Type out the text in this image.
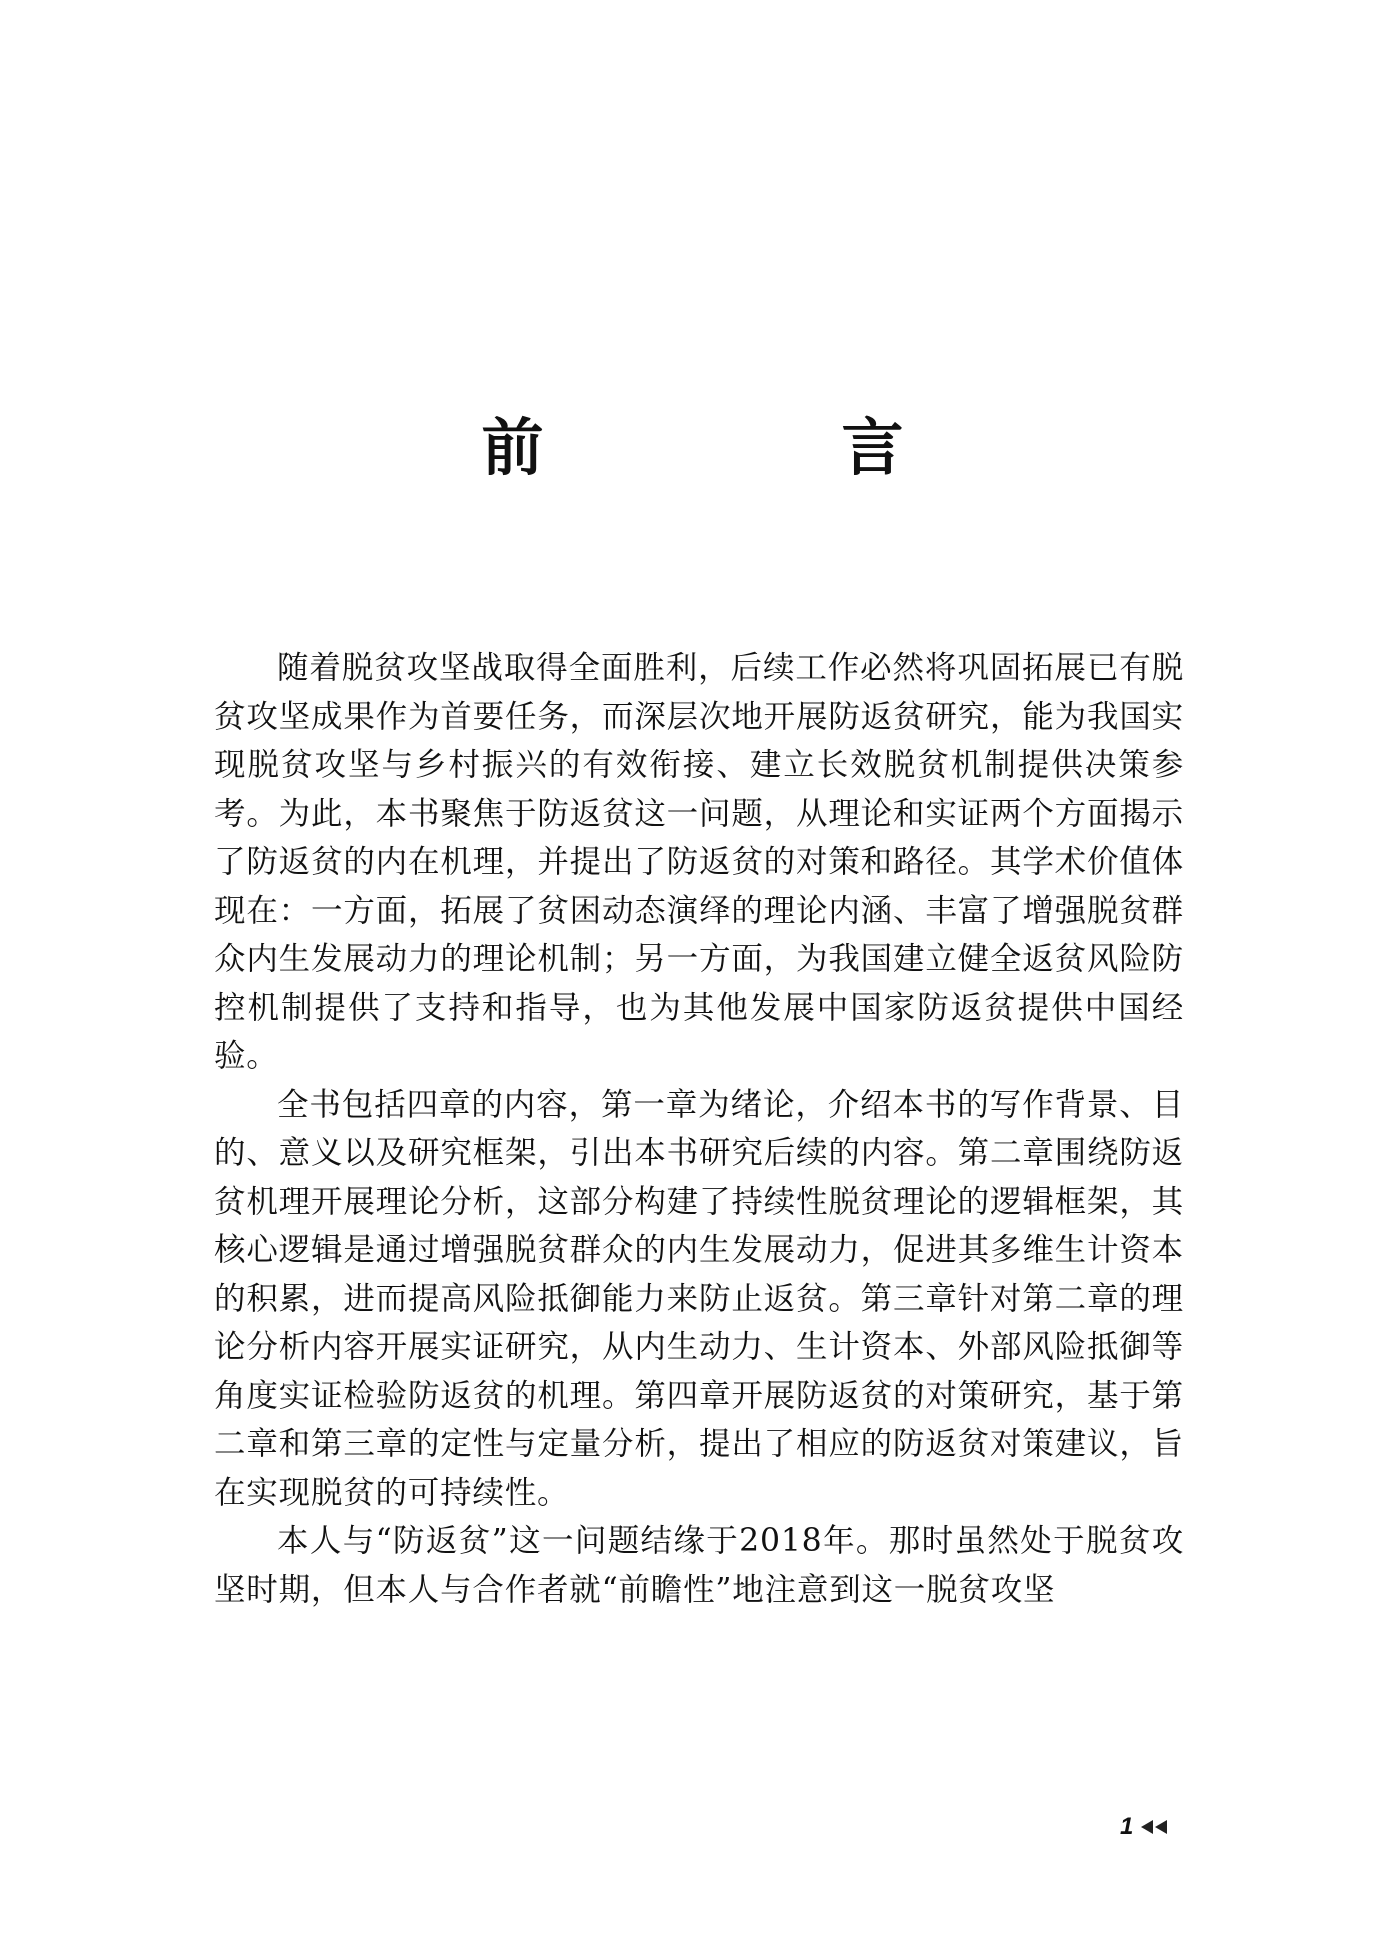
前　言

随着脱贫攻坚战取得全面胜利，后续工作必然将巩固拓展已有脱贫攻坚成果作为首要任务，而深层次地开展防返贫研究，能为我国实现脱贫攻坚与乡村振兴的有效衔接、建立长效脱贫机制提供决策参考。为此，本书聚焦于防返贫这一问题，从理论和实证两个方面揭示了防返贫的内在机理，并提出了防返贫的对策和路径。其学术价值体现在：一方面，拓展了贫困动态演绎的理论内涵、丰富了增强脱贫群众内生发展动力的理论机制；另一方面，为我国建立健全返贫风险防控机制提供了支持和指导，也为其他发展中国家防返贫提供中国经验。

全书包括四章的内容，第一章为绪论，介绍本书的写作背景、目的、意义以及研究框架，引出本书研究后续的内容。第二章围绕防返贫机理开展理论分析，这部分构建了持续性脱贫理论的逻辑框架，其核心逻辑是通过增强脱贫群众的内生发展动力，促进其多维生计资本的积累，进而提高风险抵御能力来防止返贫。第三章针对第二章的理论分析内容开展实证研究，从内生动力、生计资本、外部风险抵御等角度实证检验防返贫的机理。第四章开展防返贫的对策研究，基于第二章和第三章的定性与定量分析，提出了相应的防返贫对策建议，旨在实现脱贫的可持续性。

本人与“防返贫”这一问题结缘于2018年。那时虽然处于脱贫攻坚时期，但本人与合作者就“前瞻性”地注意到这一脱贫攻坚

1
